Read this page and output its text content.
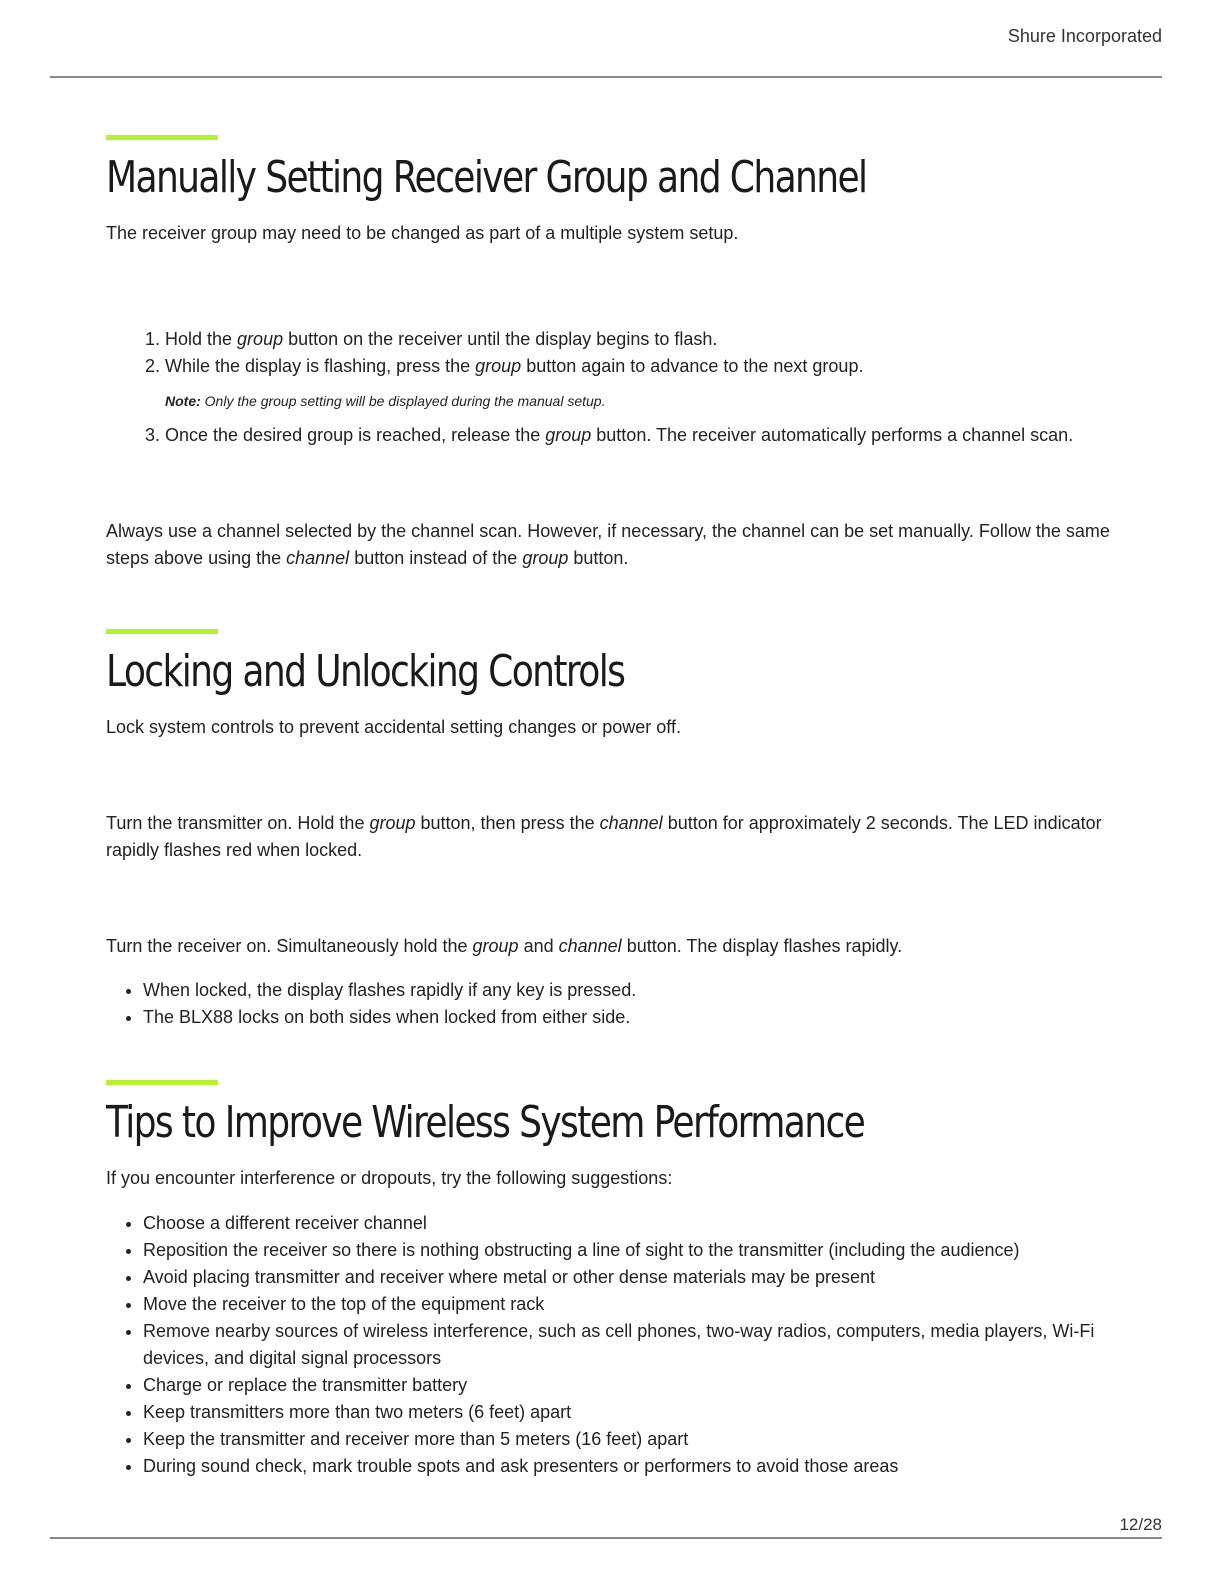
Shure Incorporated
Manually Setting Receiver Group and Channel

The receiver group may need to be changed as part of a multiple system setup.

1. Hold the group button on the receiver until the display begins to flash.
2. While the display is flashing, press the group button again to advance to the next group.
Note: Only the group setting will be displayed during the manual setup.
3. Once the desired group is reached, release the group button. The receiver automatically performs a channel scan.

Always use a channel selected by the channel scan. However, if necessary, the channel can be set manually. Follow the same steps above using the channel button instead of the group button.

Locking and Unlocking Controls

Lock system controls to prevent accidental setting changes or power off.

Turn the transmitter on. Hold the group button, then press the channel button for approximately 2 seconds. The LED indicator rapidly flashes red when locked.

Turn the receiver on. Simultaneously hold the group and channel button. The display flashes rapidly.

• When locked, the display flashes rapidly if any key is pressed.
• The BLX88 locks on both sides when locked from either side.
Tips to Improve Wireless System Performance

If you encounter interference or dropouts, try the following suggestions:

• Choose a different receiver channel
• Reposition the receiver so there is nothing obstructing a line of sight to the transmitter (including the audience)
• Avoid placing transmitter and receiver where metal or other dense materials may be present
• Move the receiver to the top of the equipment rack
• Remove nearby sources of wireless interference, such as cell phones, two-way radios, computers, media players, Wi-Fi devices, and digital signal processors
• Charge or replace the transmitter battery
• Keep transmitters more than two meters (6 feet) apart
• Keep the transmitter and receiver more than 5 meters (16 feet) apart
• During sound check, mark trouble spots and ask presenters or performers to avoid those areas
12/28
